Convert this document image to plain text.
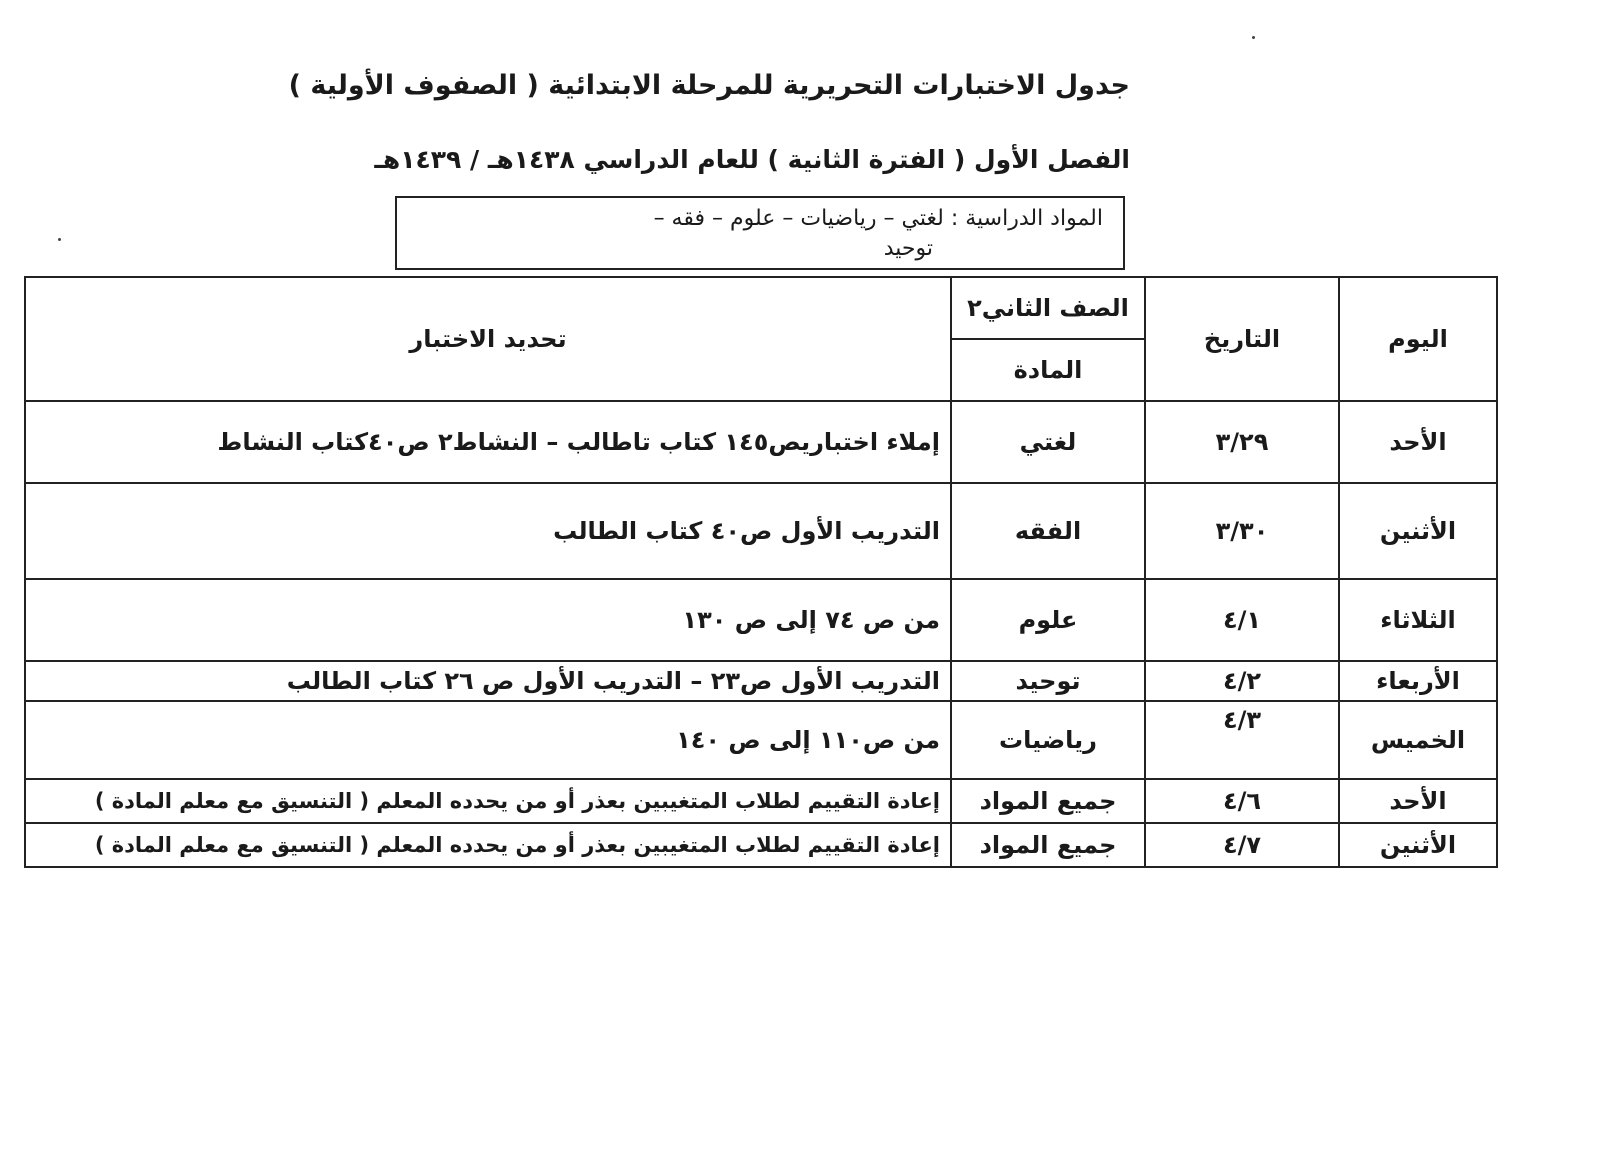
جدول الاختبارات التحريرية للمرحلة الابتدائية ( الصفوف الأولية )
الفصل الأول ( الفترة الثانية ) للعام الدراسي ١٤٣٨هـ / ١٤٣٩هـ
المواد الدراسية : لغتي – رياضيات – علوم – فقه –
توحيد
اليوم	التاريخ	الصف الثاني٢	تحديد الاختبار
		المادة	
الأحد	٣/٢٩	لغتي	إملاء اختباريص١٤٥ كتاب تاطالب – النشاط٢ ص٤٠كتاب النشاط
الأثنين	٣/٣٠	الفقه	التدريب الأول ص٤٠ كتاب الطالب
الثلاثاء	٤/١	علوم	من ص ٧٤ إلى ص ١٣٠
الأربعاء	٤/٢	توحيد	التدريب الأول ص٢٣ – التدريب الأول ص ٢٦ كتاب الطالب
الخميس	٤/٣	رياضيات	من ص١١٠ إلى ص ١٤٠
الأحد	٤/٦	جميع المواد	إعادة التقييم لطلاب المتغيبين بعذر أو من يحدده المعلم ( التنسيق مع معلم المادة )
الأثنين	٤/٧	جميع المواد	إعادة التقييم لطلاب المتغيبين بعذر أو من يحدده المعلم ( التنسيق مع معلم المادة )
